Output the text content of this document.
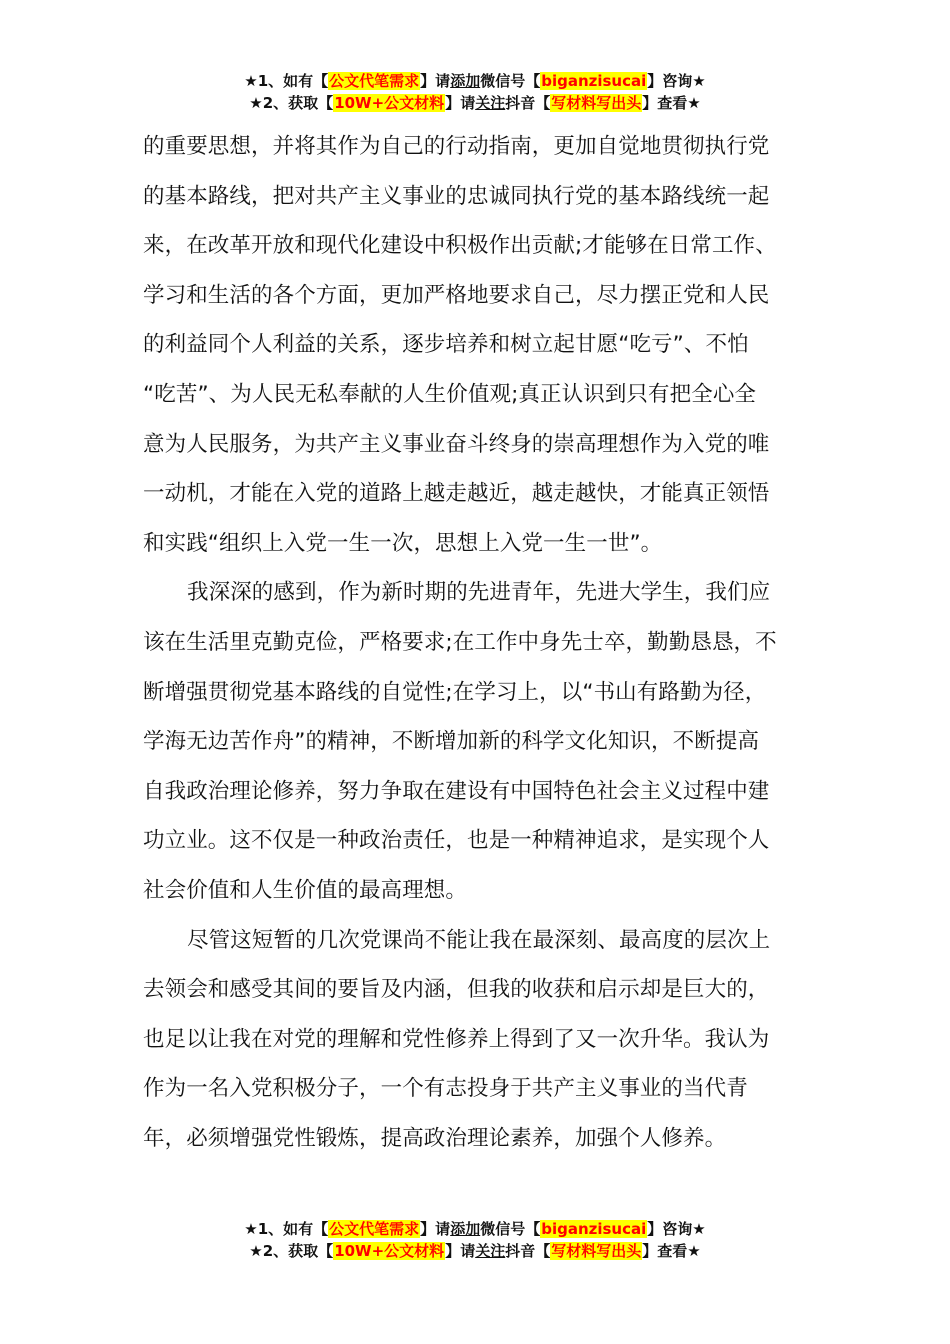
★1、如有【公文代笔需求】请添加微信号【biganzisucai】咨询★
★2、获取【10W+公文材料】请关注抖音【写材料写出头】查看★
的重要思想，并将其作为自己的行动指南，更加自觉地贯彻执行党
的基本路线，把对共产主义事业的忠诚同执行党的基本路线统一起
来，在改革开放和现代化建设中积极作出贡献;才能够在日常工作、
学习和生活的各个方面，更加严格地要求自己，尽力摆正党和人民
的利益同个人利益的关系，逐步培养和树立起甘愿“吃亏”、不怕
“吃苦”、为人民无私奉献的人生价值观;真正认识到只有把全心全
意为人民服务，为共产主义事业奋斗终身的崇高理想作为入党的唯
一动机，才能在入党的道路上越走越近，越走越快，才能真正领悟
和实践“组织上入党一生一次，思想上入党一生一世”。
我深深的感到，作为新时期的先进青年，先进大学生，我们应
该在生活里克勤克俭，严格要求;在工作中身先士卒，勤勤恳恳，不
断增强贯彻党基本路线的自觉性;在学习上，以“书山有路勤为径，
学海无边苦作舟”的精神，不断增加新的科学文化知识，不断提高
自我政治理论修养，努力争取在建设有中国特色社会主义过程中建
功立业。这不仅是一种政治责任，也是一种精神追求，是实现个人
社会价值和人生价值的最高理想。
尽管这短暂的几次党课尚不能让我在最深刻、最高度的层次上
去领会和感受其间的要旨及内涵，但我的收获和启示却是巨大的，
也足以让我在对党的理解和党性修养上得到了又一次升华。我认为
作为一名入党积极分子，一个有志投身于共产主义事业的当代青
年，必须增强党性锻炼，提高政治理论素养，加强个人修养。
★1、如有【公文代笔需求】请添加微信号【biganzisucai】咨询★
★2、获取【10W+公文材料】请关注抖音【写材料写出头】查看★
